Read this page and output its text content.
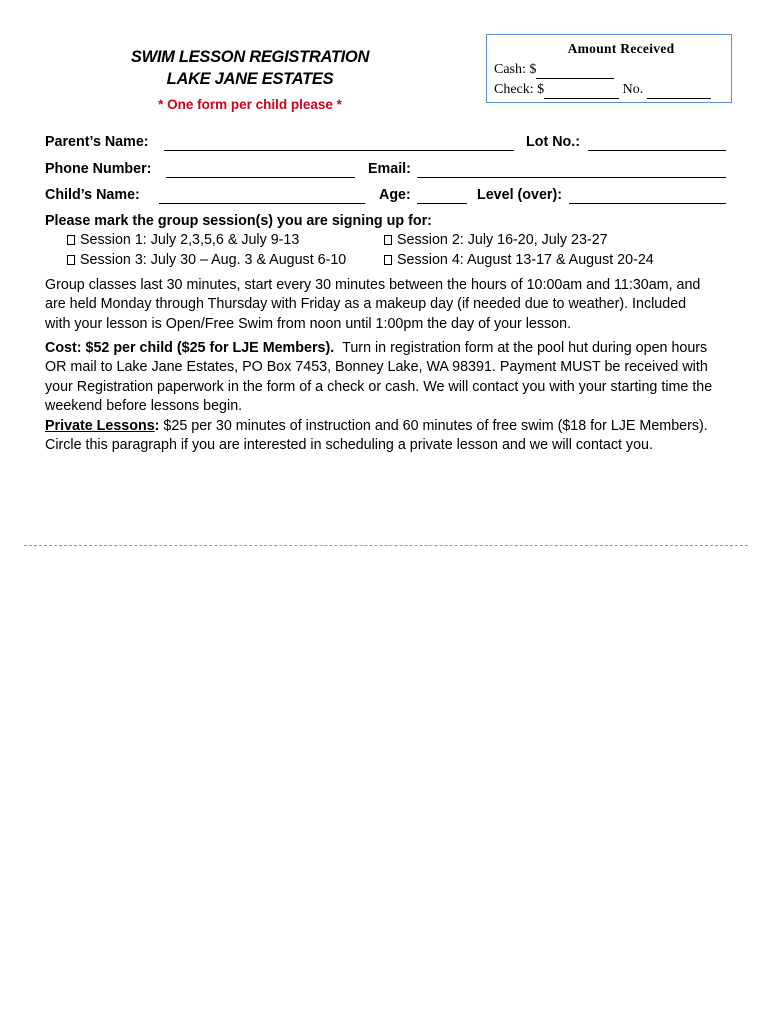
SWIM LESSON REGISTRATION
LAKE JANE ESTATES
* One form per child please *
Amount Received
Cash: $
Check: $	No.
Parent’s Name:	Lot No.:
Phone Number:	Email:
Child’s Name:	Age:	Level (over):
Please mark the group session(s) you are signing up for:
Session 1: July 2,3,5,6 & July 9-13	Session 2: July 16-20, July 23-27
Session 3: July 30 – Aug. 3 & August 6-10	Session 4: August 13-17 & August 20-24
Group classes last 30 minutes, start every 30 minutes between the hours of 10:00am and 11:30am, and are held Monday through Thursday with Friday as a makeup day (if needed due to weather). Included with your lesson is Open/Free Swim from noon until 1:00pm the day of your lesson.
Cost: $52 per child ($25 for LJE Members). Turn in registration form at the pool hut during open hours OR mail to Lake Jane Estates, PO Box 7453, Bonney Lake, WA 98391. Payment MUST be received with your Registration paperwork in the form of a check or cash. We will contact you with your starting time the weekend before lessons begin.
Private Lessons: $25 per 30 minutes of instruction and 60 minutes of free swim ($18 for LJE Members). Circle this paragraph if you are interested in scheduling a private lesson and we will contact you.
